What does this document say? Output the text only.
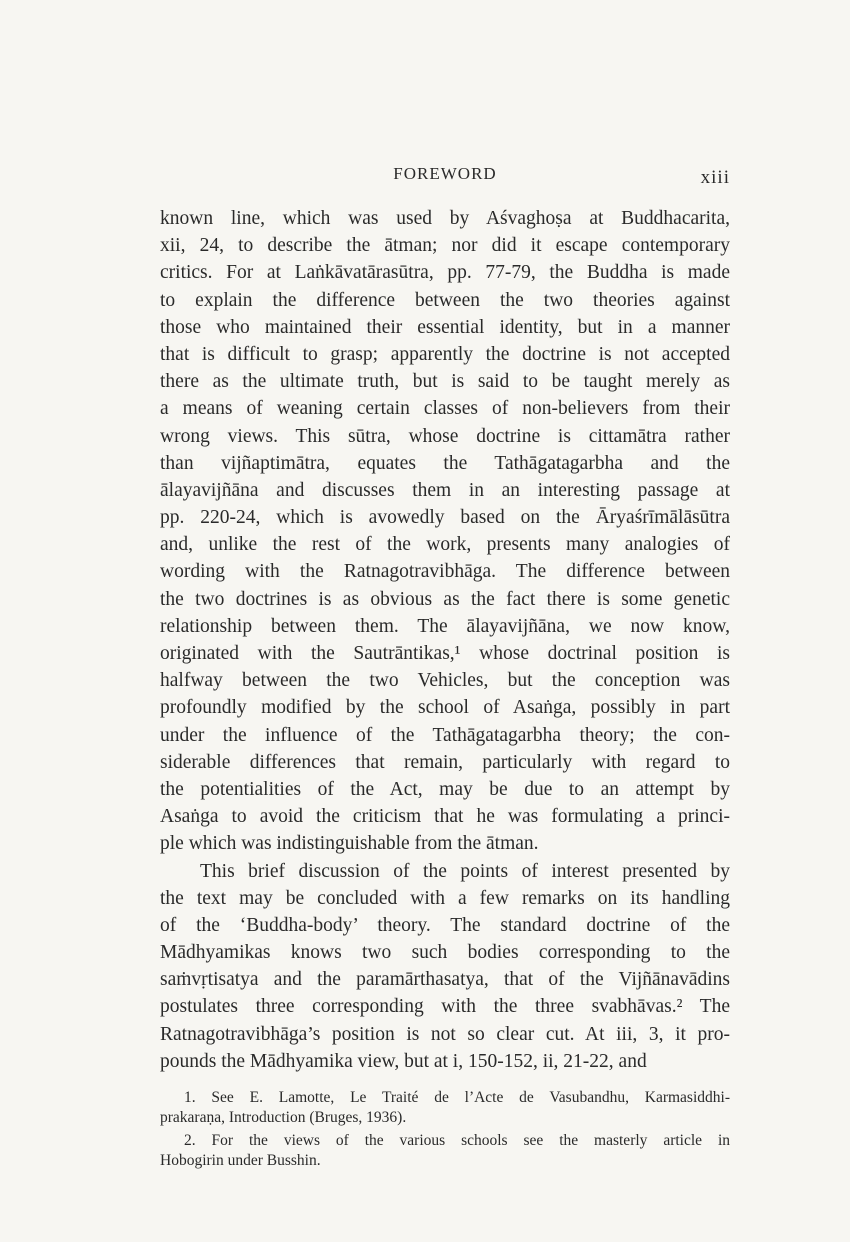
FOREWORD	xiii
known line, which was used by Aśvaghoṣa at Buddhacarita,
xii, 24, to describe the ātman; nor did it escape contemporary
critics. For at Laṅkāvatārasūtra, pp. 77-79, the Buddha is made
to explain the difference between the two theories against
those who maintained their essential identity, but in a manner
that is difficult to grasp; apparently the doctrine is not accepted
there as the ultimate truth, but is said to be taught merely as
a means of weaning certain classes of non-believers from their
wrong views. This sūtra, whose doctrine is cittamātra rather
than vijñaptimātra, equates the Tathāgatagarbha and the
ālayavijñāna and discusses them in an interesting passage at
pp. 220-24, which is avowedly based on the Āryaśrīmālāsūtra
and, unlike the rest of the work, presents many analogies of
wording with the Ratnagotravibhāga. The difference between
the two doctrines is as obvious as the fact there is some genetic
relationship between them. The ālayavijñāna, we now know,
originated with the Sautrāntikas,¹ whose doctrinal position is
halfway between the two Vehicles, but the conception was
profoundly modified by the school of Asaṅga, possibly in part
under the influence of the Tathāgatagarbha theory; the con-
siderable differences that remain, particularly with regard to
the potentialities of the Act, may be due to an attempt by
Asaṅga to avoid the criticism that he was formulating a princi-
ple which was indistinguishable from the ātman.
This brief discussion of the points of interest presented by
the text may be concluded with a few remarks on its handling
of the ‘Buddha-body’ theory. The standard doctrine of the
Mādhyamikas knows two such bodies corresponding to the
saṁvṛtisatya and the paramārthasatya, that of the Vijñānavādins
postulates three corresponding with the three svabhāvas.² The
Ratnagotravibhāga’s position is not so clear cut. At iii, 3, it pro-
pounds the Mādhyamika view, but at i, 150-152, ii, 21-22, and
1. See E. Lamotte, Le Traité de l’Acte de Vasubandhu, Karmasiddhi-
prakaraṇa, Introduction (Bruges, 1936).
2. For the views of the various schools see the masterly article in
Hobogirin under Busshin.
